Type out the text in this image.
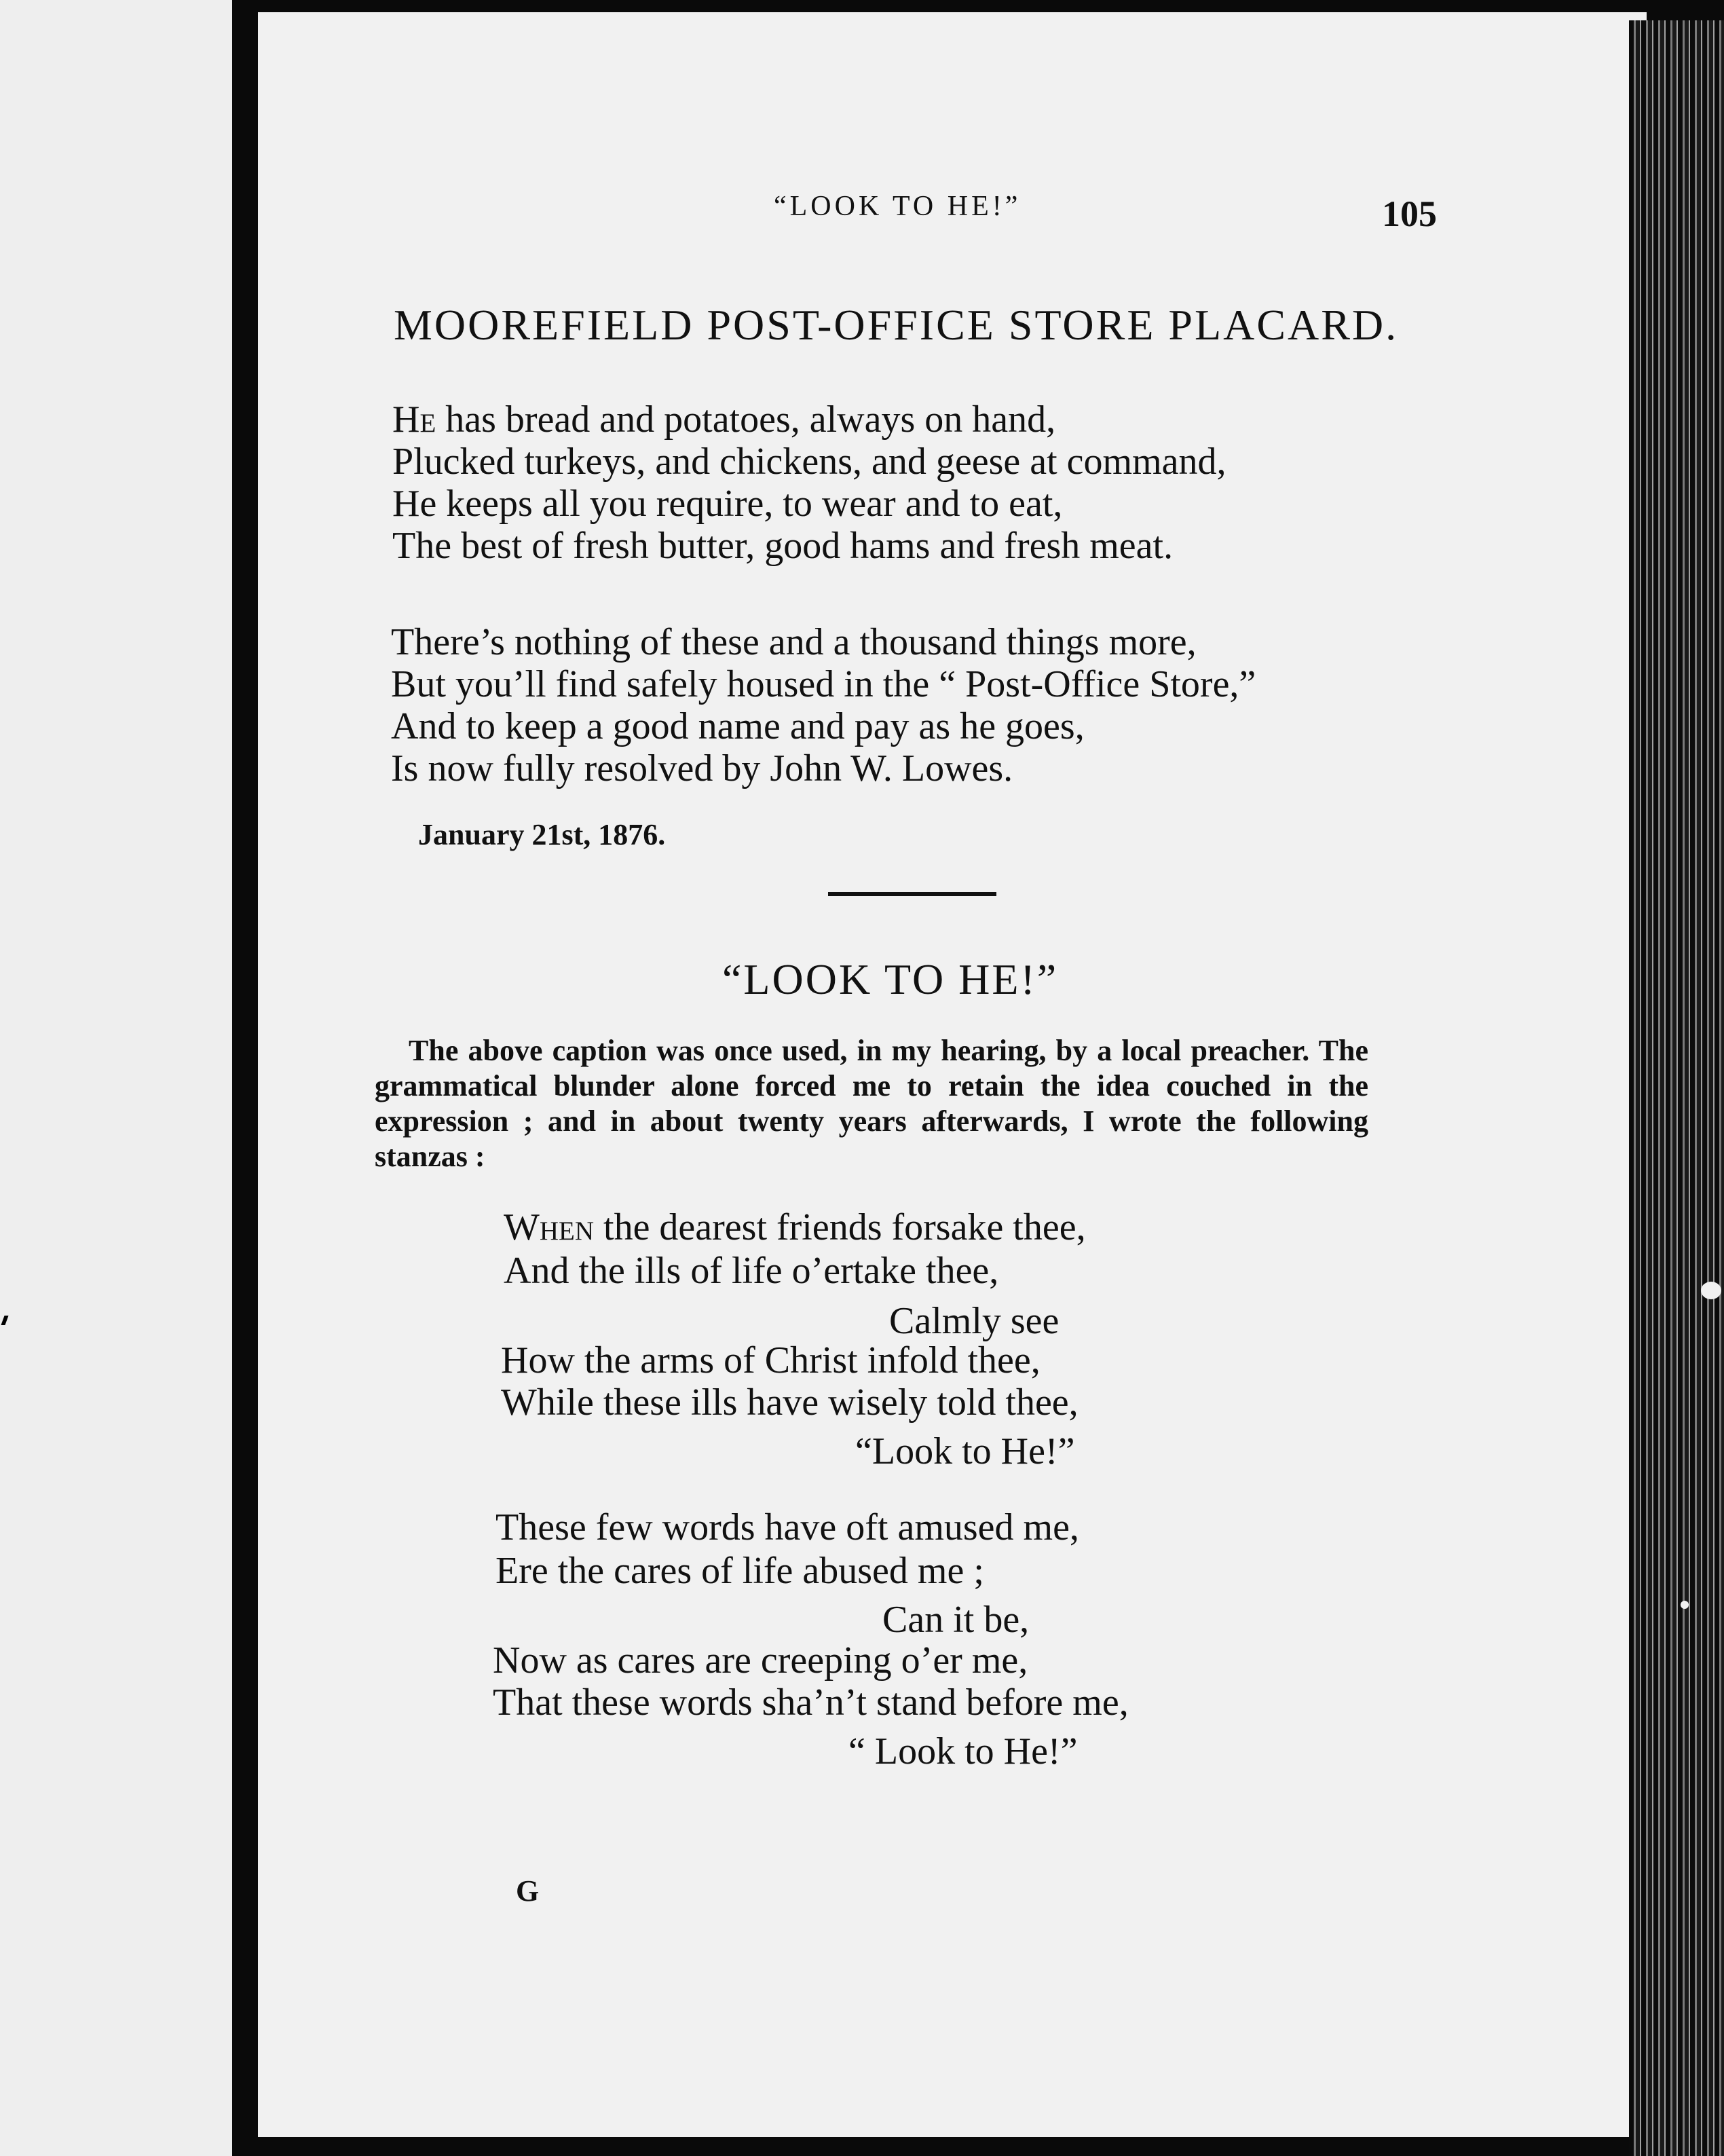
“LOOK TO HE!”	105

MOOREFIELD POST-OFFICE STORE PLACARD.

He has bread and potatoes, always on hand,

Plucked turkeys, and chickens, and geese at command,

He keeps all you require, to wear and to eat,

The best of fresh butter, good hams and fresh meat.

There’s nothing of these and a thousand things more,

But you’ll find safely housed in the “ Post-Office Store,”

And to keep a good name and pay as he goes,

Is now fully resolved by John W. Lowes.

January 21st, 1876.

“LOOK TO HE!”

The above caption was once used, in my hearing, by a local preacher. The grammatical blunder alone forced me to retain the idea couched in the expression ; and in about twenty years afterwards, I wrote the following stanzas :

When the dearest friends forsake thee,

And the ills of life o’ertake thee,

Calmly see

How the arms of Christ infold thee,

While these ills have wisely told thee,

“Look to He!”

These few words have oft amused me,

Ere the cares of life abused me ;

Can it be,

Now as cares are creeping o’er me,

That these words sha’n’t stand before me,

“ Look to He!”

G
